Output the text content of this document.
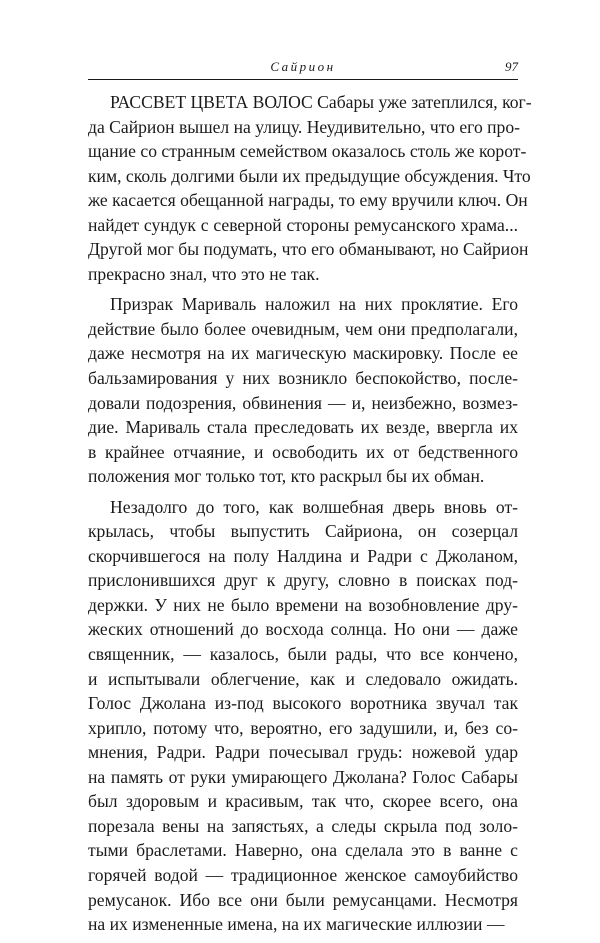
Сайрион	97

РАССВЕТ ЦВЕТА ВОЛОС Сабары уже затеплился, ког-
да Сайрион вышел на улицу. Неудивительно, что его про-
щание со странным семейством оказалось столь же корот-
ким, сколь долгими были их предыдущие обсуждения. Что
же касается обещанной награды, то ему вручили ключ. Он
найдет сундук с северной стороны ремусанского храма...
Другой мог бы подумать, что его обманывают, но Сайрион
прекрасно знал, что это не так.

Призрак Мариваль наложил на них проклятие. Его
действие было более очевидным, чем они предполагали,
даже несмотря на их магическую маскировку. После ее
бальзамирования у них возникло беспокойство, после-
довали подозрения, обвинения — и, неизбежно, возмез-
дие. Мариваль стала преследовать их везде, ввергла их
в крайнее отчаяние, и освободить их от бедственного
положения мог только тот, кто раскрыл бы их обман.

Незадолго до того, как волшебная дверь вновь от-
крылась, чтобы выпустить Сайриона, он созерцал
скорчившегося на полу Налдина и Радри с Джоланом,
прислонившихся друг к другу, словно в поисках под-
держки. У них не было времени на возобновление дру-
жеских отношений до восхода солнца. Но они — даже
священник, — казалось, были рады, что все кончено,
и испытывали облегчение, как и следовало ожидать.
Голос Джолана из-под высокого воротника звучал так
хрипло, потому что, вероятно, его задушили, и, без со-
мнения, Радри. Радри почесывал грудь: ножевой удар
на память от руки умирающего Джолана? Голос Сабары
был здоровым и красивым, так что, скорее всего, она
порезала вены на запястьях, а следы скрыла под золо-
тыми браслетами. Наверно, она сделала это в ванне с
горячей водой — традиционное женское самоубийство
ремусанок. Ибо все они были ремусанцами. Несмотря
на их измененные имена, на их магические иллюзии —
